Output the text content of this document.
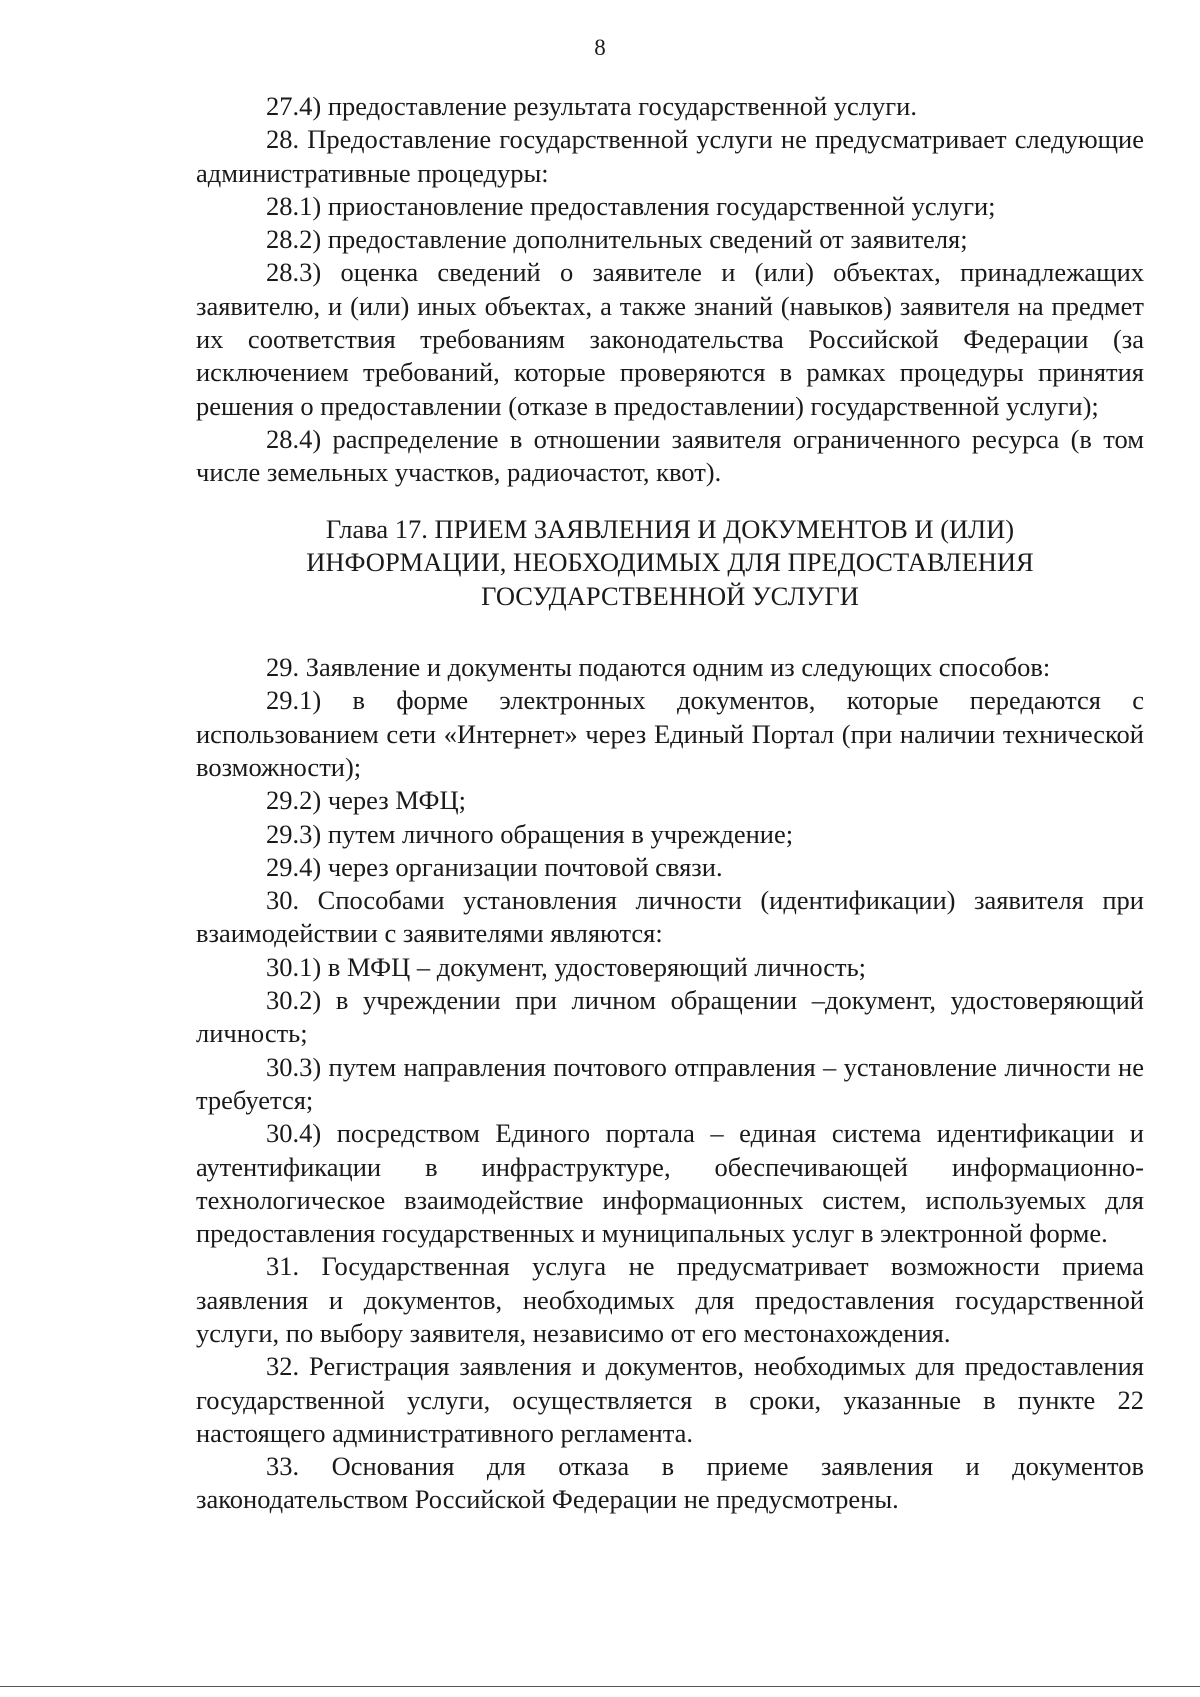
8

27.4) предоставление результата государственной услуги.

28. Предоставление государственной услуги не предусматривает следующие административные процедуры:

28.1) приостановление предоставления государственной услуги;

28.2) предоставление дополнительных сведений от заявителя;

28.3) оценка сведений о заявителе и (или) объектах, принадлежащих заявителю, и (или) иных объектах, а также знаний (навыков) заявителя на предмет их соответствия требованиям законодательства Российской Федерации (за исключением требований, которые проверяются в рамках процедуры принятия решения о предоставлении (отказе в предоставлении) государственной услуги);

28.4) распределение в отношении заявителя ограниченного ресурса (в том числе земельных участков, радиочастот, квот).

Глава 17. ПРИЕМ ЗАЯВЛЕНИЯ И ДОКУМЕНТОВ И (ИЛИ)
ИНФОРМАЦИИ, НЕОБХОДИМЫХ ДЛЯ ПРЕДОСТАВЛЕНИЯ
ГОСУДАРСТВЕННОЙ УСЛУГИ

29. Заявление и документы подаются одним из следующих способов:

29.1) в форме электронных документов, которые передаются с использованием сети «Интернет» через Единый Портал (при наличии технической возможности);

29.2) через МФЦ;

29.3) путем личного обращения в учреждение;

29.4) через организации почтовой связи.

30. Способами установления личности (идентификации) заявителя при взаимодействии с заявителями являются:

30.1) в МФЦ – документ, удостоверяющий личность;

30.2) в учреждении при личном обращении –документ, удостоверяющий личность;

30.3) путем направления почтового отправления – установление личности не требуется;

30.4) посредством Единого портала – единая система идентификации и аутентификации в инфраструктуре, обеспечивающей информационно-технологическое взаимодействие информационных систем, используемых для предоставления государственных и муниципальных услуг в электронной форме.

31. Государственная услуга не предусматривает возможности приема заявления и документов, необходимых для предоставления государственной услуги, по выбору заявителя, независимо от его местонахождения.

32. Регистрация заявления и документов, необходимых для предоставления государственной услуги, осуществляется в сроки, указанные в пункте 22 настоящего административного регламента.

33. Основания для отказа в приеме заявления и документов законодательством Российской Федерации не предусмотрены.
